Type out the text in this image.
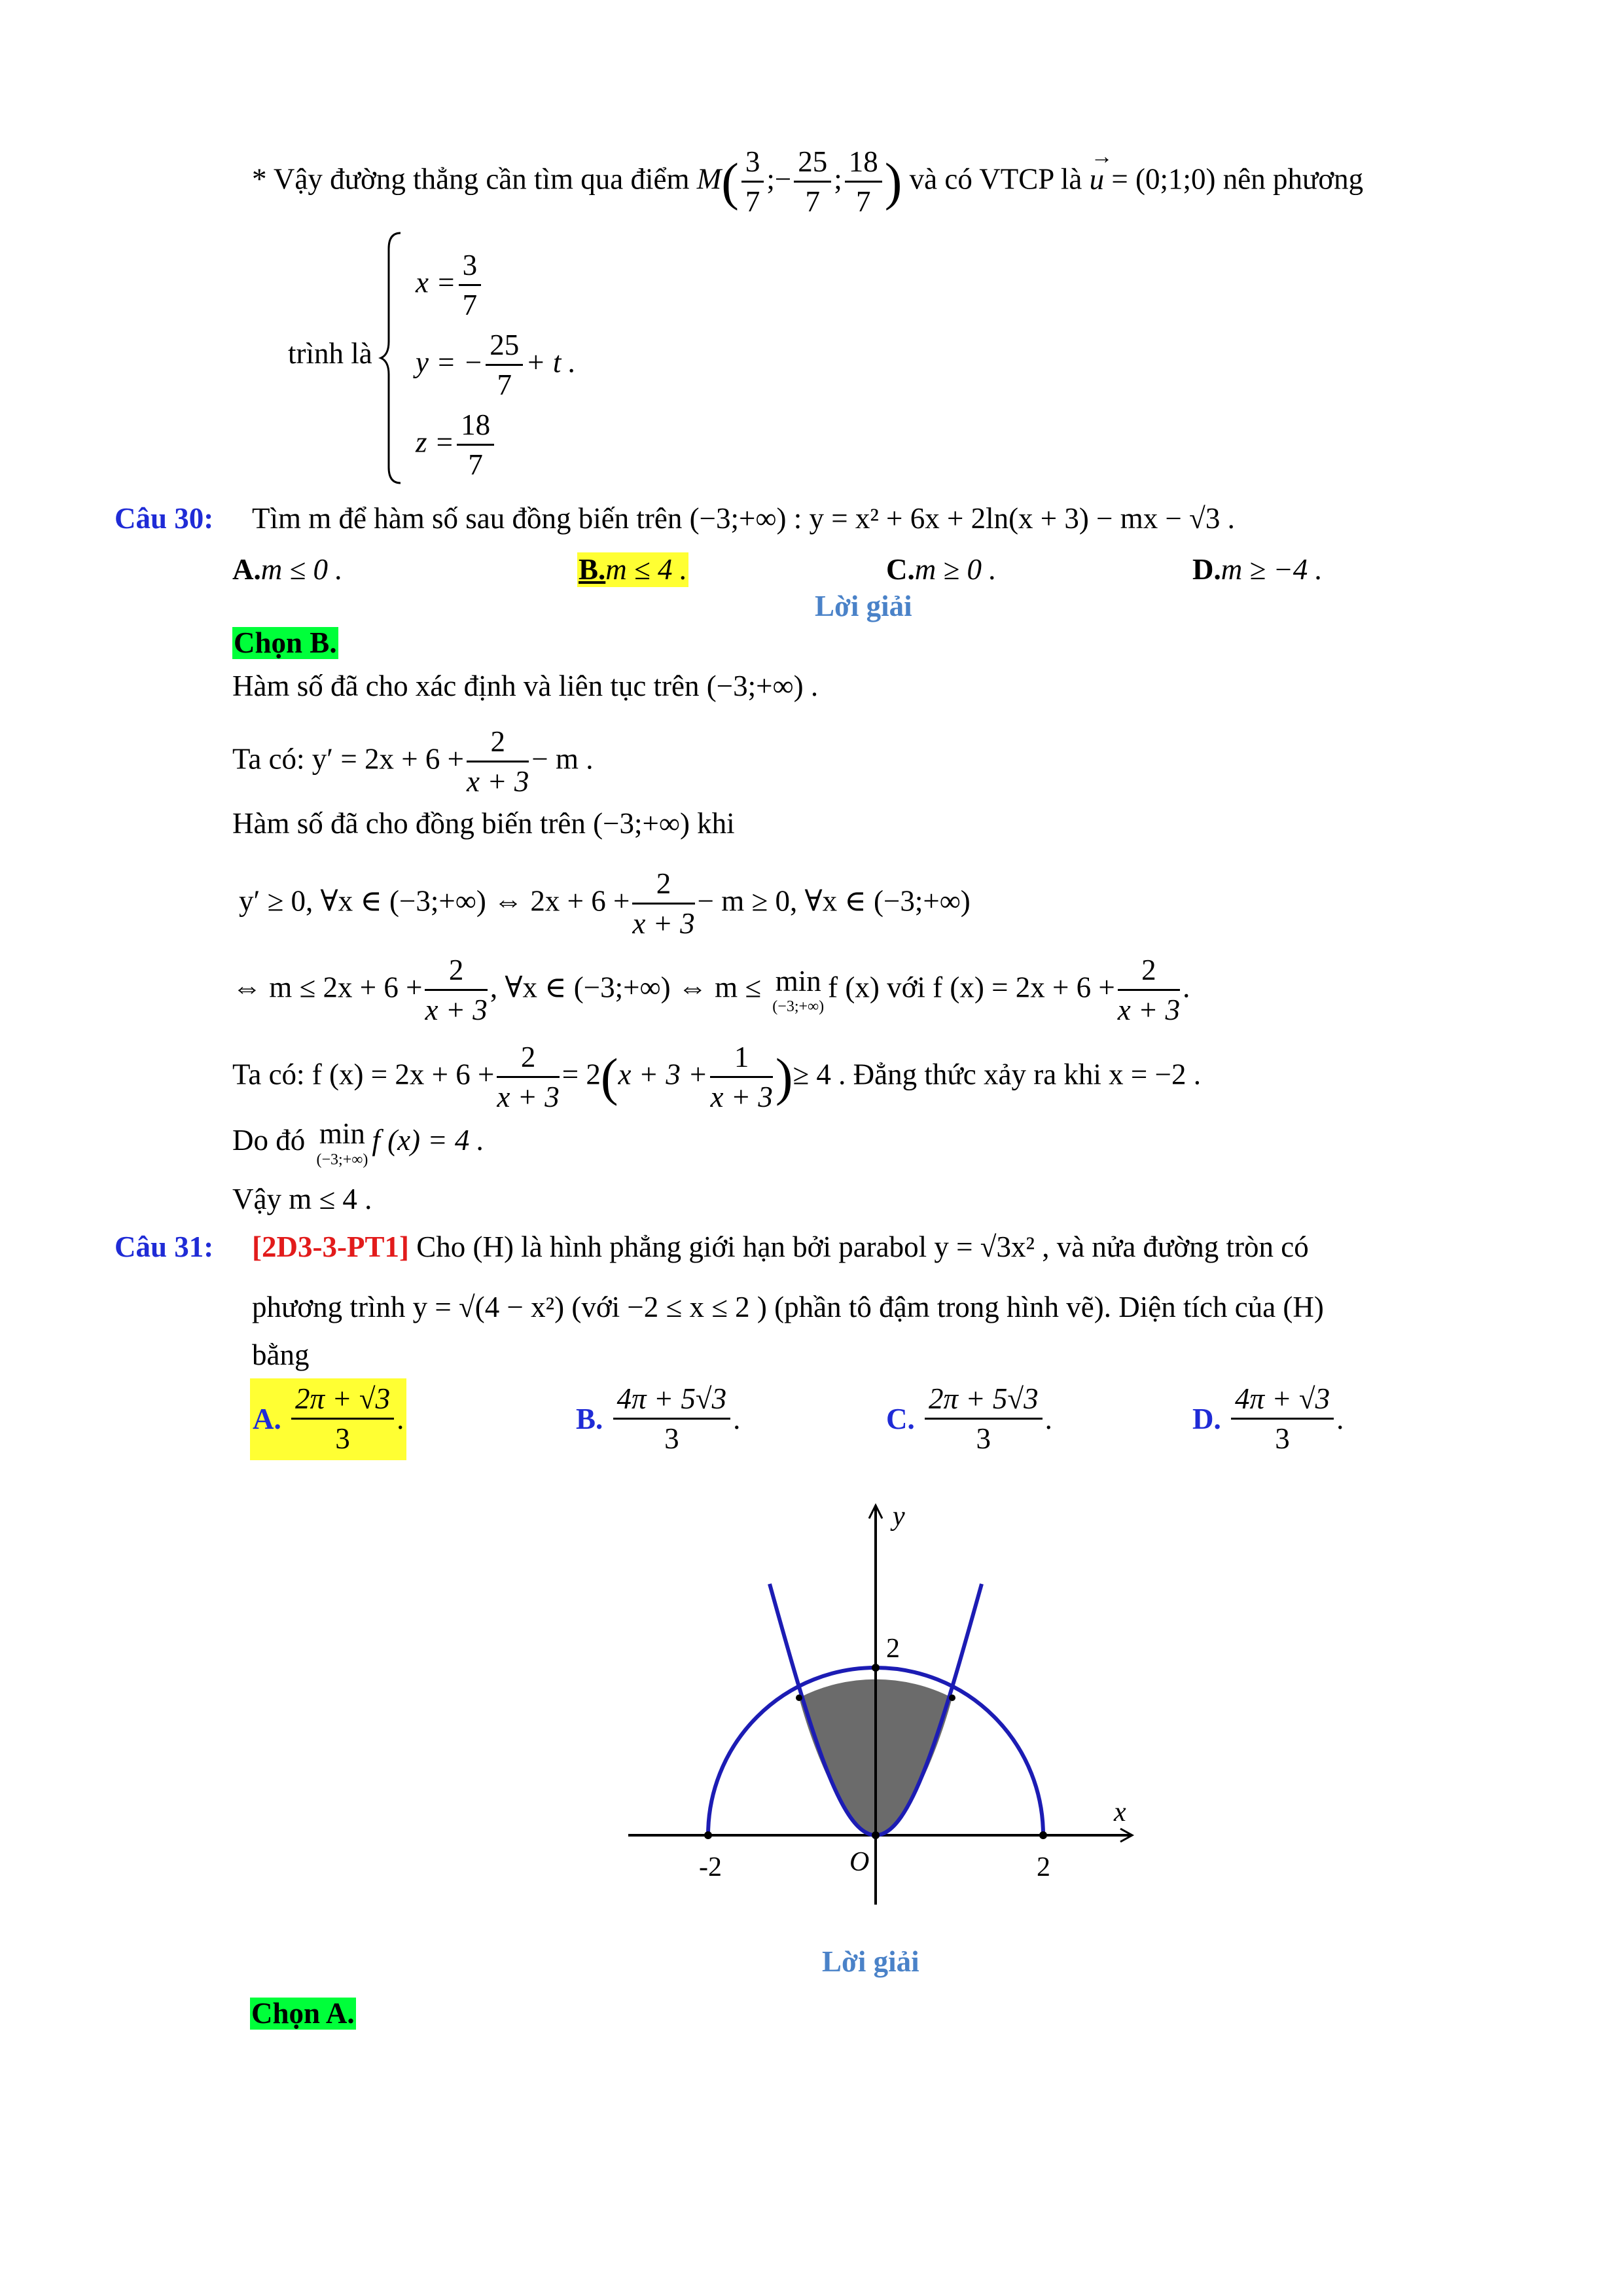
* Vậy đường thẳng cần tìm qua điểm $M( \frac{3}{7}$ ;− $\frac{25}{7}$ ; $\frac{18}{7}$ ) và có VTCP là
→
u = (0;1;0) nên phương
trình là
$x = \frac{3}{7}$
y = − $\frac{25}{7} + t$ .
$z = \frac{18}{7}$
Câu 30: Tìm m để hàm số sau đồng biến trên (−3;+∞) : y = x² + 6x + 2ln(x + 3) − mx − √3 .
A.m ≤ 0 .	B.m ≤ 4 .	C.m ≥ 0 .	D.m ≥ −4 .
Lời giải
Chọn B.
Hàm số đã cho xác định và liên tục trên (−3;+∞) .
Ta có: $y' = 2x + 6 + \frac{2}{x + 3} - m$ .
Hàm số đã cho đồng biến trên (−3;+∞) khi
y′ ≥ 0, ∀x ∈ (−3;+∞) ⇔ $2x + 6 + \frac{2}{x + 3} - m \ge 0$, ∀x ∈ (−3;+∞)
⇔ $m \le 2x + 6 + \frac{2}{x + 3}$ , ∀x ∈ (−3;+∞) ⇔ m ≤ min
(−3;+∞)
f (x) với f $(x) = 2x + 6 + \frac{2}{x + 3}$ .
Ta có: f $(x) = 2x + 6 + \frac{2}{x + 3} = 2(x + 3 + \frac{1}{x + 3}$ )≥ 4 . Đẳng thức xảy ra khi x = −2 .
Do đó min
(−3;+∞)
f (x) = 4 .
Vậy m ≤ 4 .
Câu 31: [2D3-3-PT1] Cho (H) là hình phẳng giới hạn bởi parabol y = √3x² , và nửa đường tròn có
phương trình y = √(4 − x²) (với −2 ≤ x ≤ 2 ) (phần tô đậm trong hình vẽ). Diện tích của (H)
bằng
A. $\frac{2\pi + √3}{3}$ .	B. $\frac{4\pi + 5√3}{3}$ .	C. $\frac{2\pi + 5√3}{3}$ .	D. $\frac{4\pi + √3}{3}$ .
y
x
O
-2	2
2
Lời giải
Chọn A.
